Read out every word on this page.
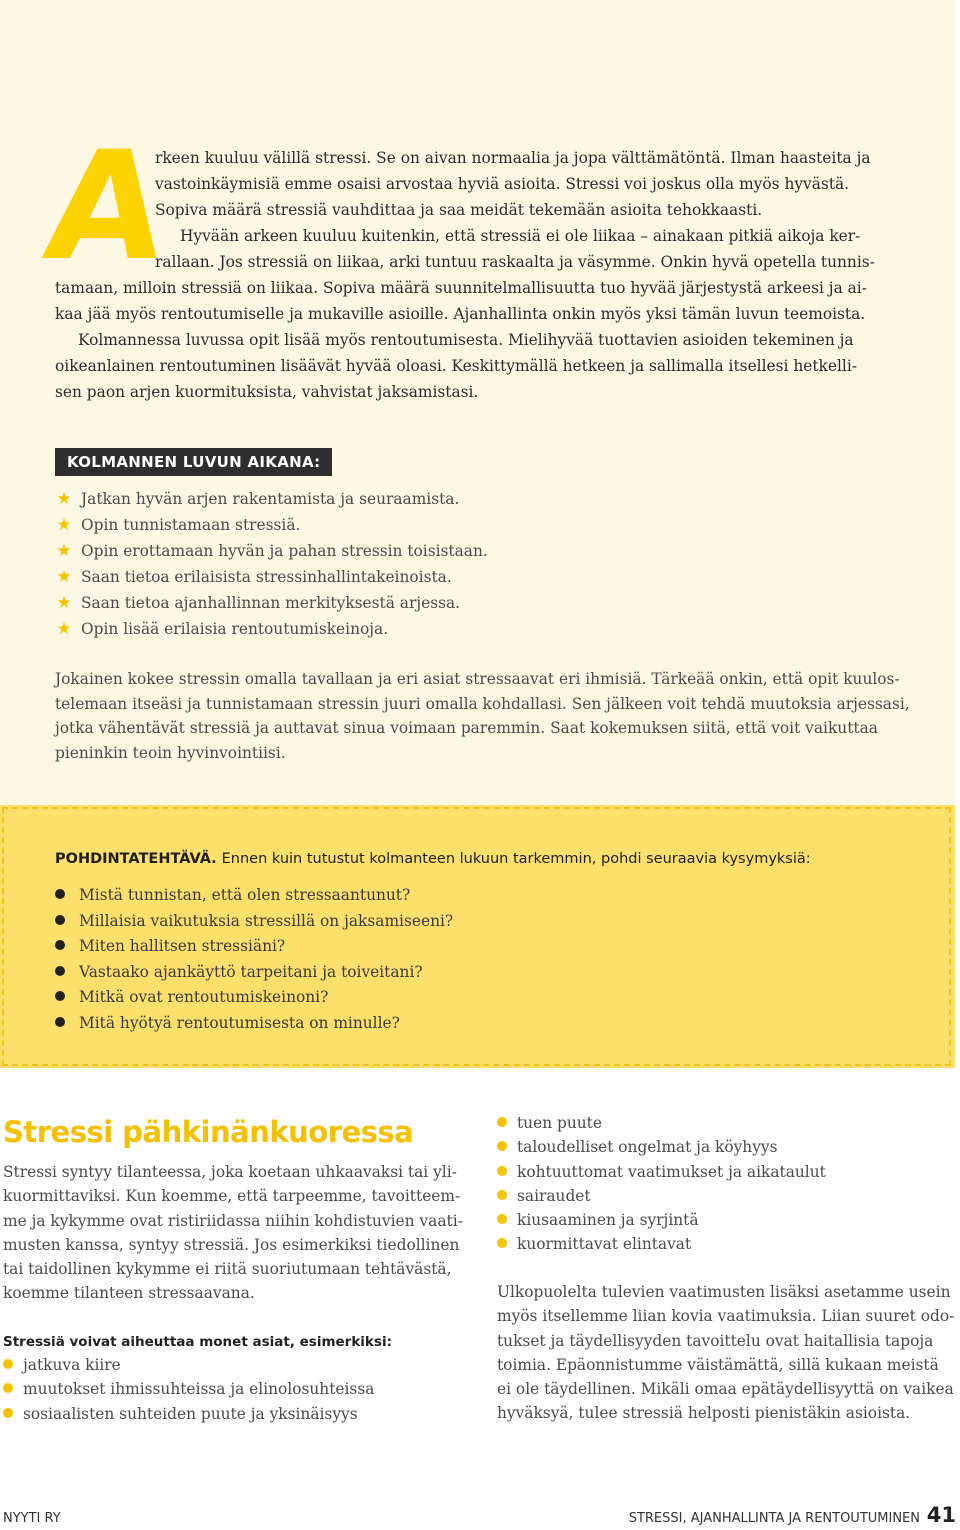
A
rkeen kuuluu välillä stressi. Se on aivan normaalia ja jopa välttämätöntä. Ilman haasteita ja
vastoinkäymisiä emme osaisi arvostaa hyviä asioita. Stressi voi joskus olla myös hyvästä.
Sopiva määrä stressiä vauhdittaa ja saa meidät tekemään asioita tehokkaasti.
Hyvään arkeen kuuluu kuitenkin, että stressiä ei ole liikaa – ainakaan pitkiä aikoja ker-
rallaan. Jos stressiä on liikaa, arki tuntuu raskaalta ja väsymme. Onkin hyvä opetella tunnis-
tamaan, milloin stressiä on liikaa. Sopiva määrä suunnitelmallisuutta tuo hyvää järjestystä arkeesi ja ai-
kaa jää myös rentoutumiselle ja mukaville asioille. Ajanhallinta onkin myös yksi tämän luvun teemoista.
Kolmannessa luvussa opit lisää myös rentoutumisesta. Mielihyvää tuottavien asioiden tekeminen ja
oikeanlainen rentoutuminen lisäävät hyvää oloasi. Keskittymällä hetkeen ja sallimalla itsellesi hetkelli-
sen paon arjen kuormituksista, vahvistat jaksamistasi.
KOLMANNEN LUVUN AIKANA:
★ Jatkan hyvän arjen rakentamista ja seuraamista.
★ Opin tunnistamaan stressiä.
★ Opin erottamaan hyvän ja pahan stressin toisistaan.
★ Saan tietoa erilaisista stressinhallintakeinoista.
★ Saan tietoa ajanhallinnan merkityksestä arjessa.
★ Opin lisää erilaisia rentoutumiskeinoja.
Jokainen kokee stressin omalla tavallaan ja eri asiat stressaavat eri ihmisiä. Tärkeää onkin, että opit kuulos-
telemaan itseäsi ja tunnistamaan stressin juuri omalla kohdallasi. Sen jälkeen voit tehdä muutoksia arjessasi,
jotka vähentävät stressiä ja auttavat sinua voimaan paremmin. Saat kokemuksen siitä, että voit vaikuttaa
pieninkin teoin hyvinvointiisi.
POHDINTATEHTÄVÄ. Ennen kuin tutustut kolmanteen lukuun tarkemmin, pohdi seuraavia kysymyksiä:
Mistä tunnistan, että olen stressaantunut?
Millaisia vaikutuksia stressillä on jaksamiseeni?
Miten hallitsen stressiäni?
Vastaako ajankäyttö tarpeitani ja toiveitani?
Mitkä ovat rentoutumiskeinoni?
Mitä hyötyä rentoutumisesta on minulle?
Stressi pähkinänkuoressa
Stressi syntyy tilanteessa, joka koetaan uhkaavaksi tai yli-
kuormittaviksi. Kun koemme, että tarpeemme, tavoitteem-
me ja kykymme ovat ristiriidassa niihin kohdistuvien vaati-
musten kanssa, syntyy stressiä. Jos esimerkiksi tiedollinen
tai taidollinen kykymme ei riitä suoriutumaan tehtävästä,
koemme tilanteen stressaavana.
Stressiä voivat aiheuttaa monet asiat, esimerkiksi:
jatkuva kiire
muutokset ihmissuhteissa ja elinolosuhteissa
sosiaalisten suhteiden puute ja yksinäisyys
tuen puute
taloudelliset ongelmat ja köyhyys
kohtuuttomat vaatimukset ja aikataulut
sairaudet
kiusaaminen ja syrjintä
kuormittavat elintavat
Ulkopuolelta tulevien vaatimusten lisäksi asetamme usein
myös itsellemme liian kovia vaatimuksia. Liian suuret odo-
tukset ja täydellisyyden tavoittelu ovat haitallisia tapoja
toimia. Epäonnistumme väistämättä, sillä kukaan meistä
ei ole täydellinen. Mikäli omaa epätäydellisyyttä on vaikea
hyväksyä, tulee stressiä helposti pienistäkin asioista.
NYYTI RY	STRESSI, AJANHALLINTA JA RENTOUTUMINEN 41
